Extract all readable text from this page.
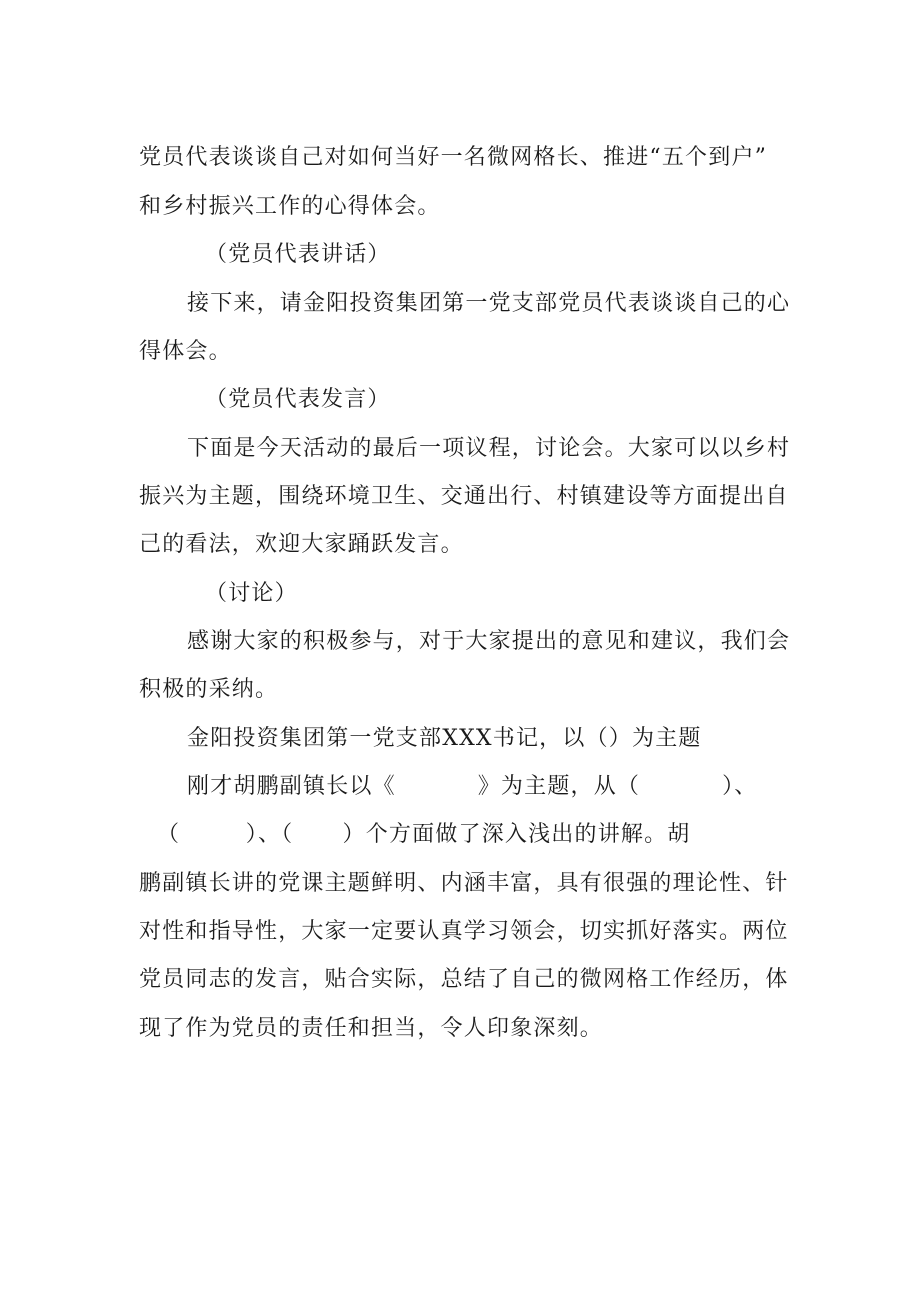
党员代表谈谈自己对如何当好一名微网格长、推进“五个到户”
和乡村振兴工作的心得体会。
（党员代表讲话）
接下来，请金阳投资集团第一党支部党员代表谈谈自己的心
得体会。
（党员代表发言）
下面是今天活动的最后一项议程，讨论会。大家可以以乡村
振兴为主题，围绕环境卫生、交通出行、村镇建设等方面提出自
己的看法，欢迎大家踊跃发言。
（讨论）
感谢大家的积极参与，对于大家提出的意见和建议，我们会
积极的采纳。
金阳投资集团第一党支部XXX书记，以（）为主题
刚才胡鹏副镇长以《          》为主题，从（          ）、
（        ）、（      ）个方面做了深入浅出的讲解。胡
鹏副镇长讲的党课主题鲜明、内涵丰富，具有很强的理论性、针
对性和指导性，大家一定要认真学习领会，切实抓好落实。两位
党员同志的发言，贴合实际，总结了自己的微网格工作经历，体
现了作为党员的责任和担当，令人印象深刻。
